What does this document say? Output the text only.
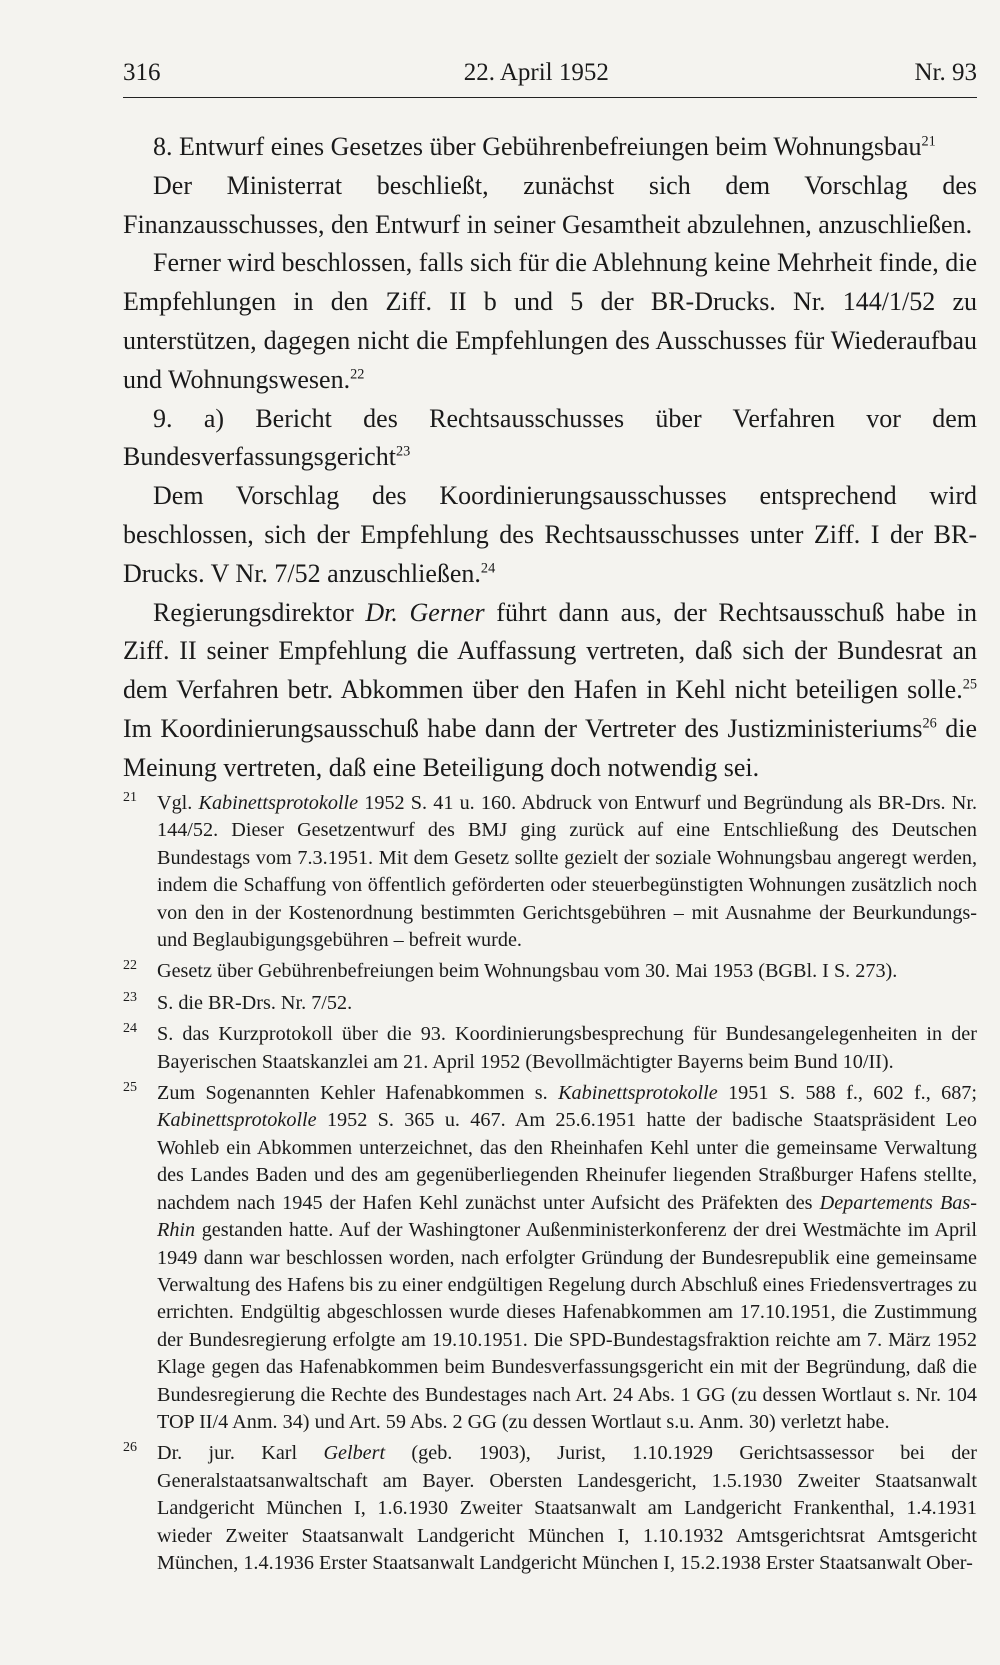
316	22. April 1952	Nr. 93

8. Entwurf eines Gesetzes über Gebührenbefreiungen beim Wohnungsbau$^{21}$

Der Ministerrat beschließt, zunächst sich dem Vorschlag des Finanzausschusses, den Entwurf in seiner Gesamtheit abzulehnen, anzuschließen.

Ferner wird beschlossen, falls sich für die Ablehnung keine Mehrheit finde, die Empfehlungen in den Ziff. II b und 5 der BR-Drucks. Nr. 144/1/52 zu unterstützen, dagegen nicht die Empfehlungen des Ausschusses für Wiederaufbau und Wohnungswesen.$^{22}$

9. a) Bericht des Rechtsausschusses über Verfahren vor dem Bundesverfassungsgericht$^{23}$

Dem Vorschlag des Koordinierungsausschusses entsprechend wird beschlossen, sich der Empfehlung des Rechtsausschusses unter Ziff. I der BR-Drucks. V Nr. 7/52 anzuschließen.$^{24}$

Regierungsdirektor Dr. Gerner führt dann aus, der Rechtsausschuß habe in Ziff. II seiner Empfehlung die Auffassung vertreten, daß sich der Bundesrat an dem Verfahren betr. Abkommen über den Hafen in Kehl nicht beteiligen solle.$^{25}$ Im Koordinierungsausschuß habe dann der Vertreter des Justizministeriums$^{26}$ die Meinung vertreten, daß eine Beteiligung doch notwendig sei.

21 Vgl. Kabinettsprotokolle 1952 S. 41 u. 160. Abdruck von Entwurf und Begründung als BR-Drs. Nr. 144/52. Dieser Gesetzentwurf des BMJ ging zurück auf eine Entschließung des Deutschen Bundestags vom 7.3.1951. Mit dem Gesetz sollte gezielt der soziale Wohnungsbau angeregt werden, indem die Schaffung von öffentlich geförderten oder steuerbegünstigten Wohnungen zusätzlich noch von den in der Kostenordnung bestimmten Gerichtsgebühren – mit Ausnahme der Beurkundungs- und Beglaubigungsgebühren – befreit wurde.
22 Gesetz über Gebührenbefreiungen beim Wohnungsbau vom 30. Mai 1953 (BGBl. I S. 273).
23 S. die BR-Drs. Nr. 7/52.
24 S. das Kurzprotokoll über die 93. Koordinierungsbesprechung für Bundesangelegenheiten in der Bayerischen Staatskanzlei am 21. April 1952 (Bevollmächtigter Bayerns beim Bund 10/II).
25 Zum Sogenannten Kehler Hafenabkommen s. Kabinettsprotokolle 1951 S. 588 f., 602 f., 687; Kabinettsprotokolle 1952 S. 365 u. 467. Am 25.6.1951 hatte der badische Staatspräsident Leo Wohleb ein Abkommen unterzeichnet, das den Rheinhafen Kehl unter die gemeinsame Verwaltung des Landes Baden und des am gegenüberliegenden Rheinufer liegenden Straßburger Hafens stellte, nachdem nach 1945 der Hafen Kehl zunächst unter Aufsicht des Präfekten des Departements Bas-Rhin gestanden hatte. Auf der Washingtoner Außenministerkonferenz der drei Westmächte im April 1949 dann war beschlossen worden, nach erfolgter Gründung der Bundesrepublik eine gemeinsame Verwaltung des Hafens bis zu einer endgültigen Regelung durch Abschluß eines Friedensvertrages zu errichten. Endgültig abgeschlossen wurde dieses Hafenabkommen am 17.10.1951, die Zustimmung der Bundesregierung erfolgte am 19.10.1951. Die SPD-Bundestagsfraktion reichte am 7. März 1952 Klage gegen das Hafenabkommen beim Bundesverfassungsgericht ein mit der Begründung, daß die Bundesregierung die Rechte des Bundestages nach Art. 24 Abs. 1 GG (zu dessen Wortlaut s. Nr. 104 TOP II/4 Anm. 34) und Art. 59 Abs. 2 GG (zu dessen Wortlaut s.u. Anm. 30) verletzt habe.
26 Dr. jur. Karl Gelbert (geb. 1903), Jurist, 1.10.1929 Gerichtsassessor bei der Generalstaatsanwaltschaft am Bayer. Obersten Landesgericht, 1.5.1930 Zweiter Staatsanwalt Landgericht München I, 1.6.1930 Zweiter Staatsanwalt am Landgericht Frankenthal, 1.4.1931 wieder Zweiter Staatsanwalt Landgericht München I, 1.10.1932 Amtsgerichtsrat Amtsgericht München, 1.4.1936 Erster Staatsanwalt Landgericht München I, 15.2.1938 Erster Staatsanwalt Ober-
